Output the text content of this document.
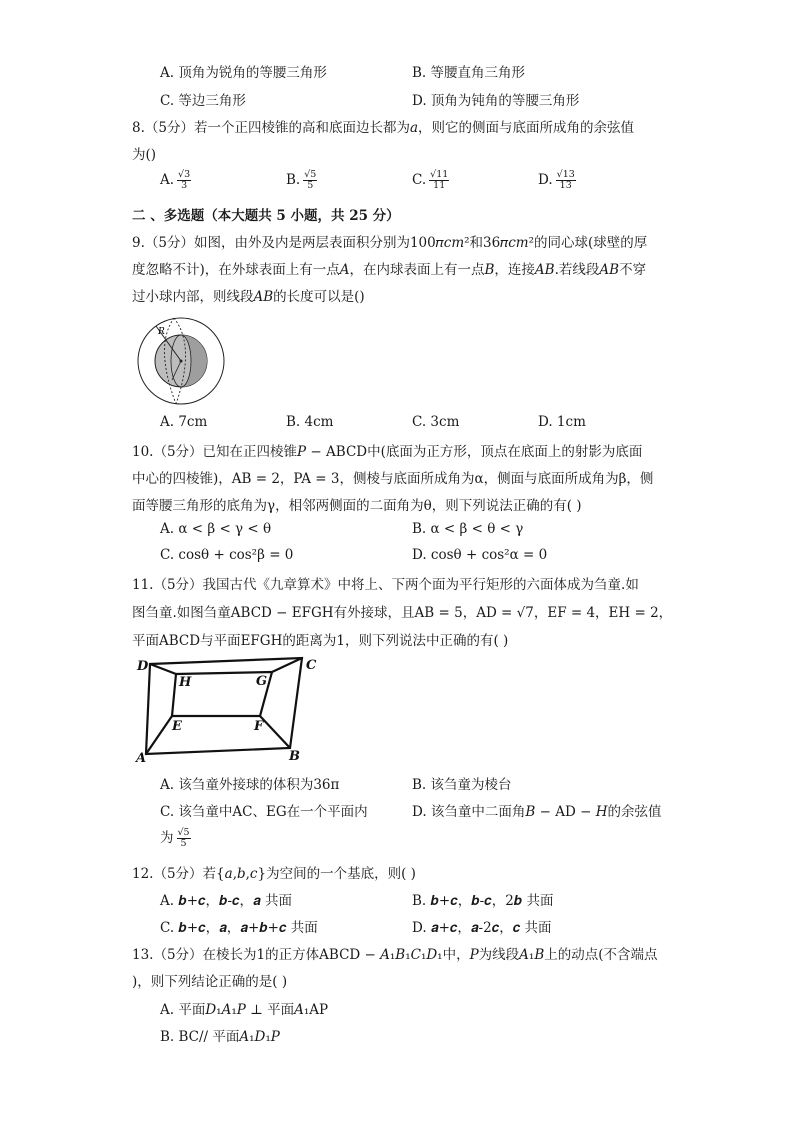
A. 顶角为锐角的等腰三角形	B. 等腰直角三角形
C. 等边三角形	D. 顶角为钝角的等腰三角形
8.（5分）若一个正四棱锥的高和底面边长都为𝑎，则它的侧面与底面所成角的余弦值
为()
A. $\frac{√3}{3}$	B. $\frac{√5}{5}$	C. $\frac{√11}{11}$	D. $\frac{√13}{13}$
二 、多选题（本大题共 5 小题，共 25 分）
9.（5分）如图，由外及内是两层表面积分别为100𝜋𝑐𝑚²和36𝜋𝑐𝑚²的同心球(球壁的厚
度忽略不计)，在外球表面上有一点𝐴，在内球表面上有一点𝐵，连接𝐴𝐵.若线段𝐴𝐵不穿
过小球内部，则线段𝐴𝐵的长度可以是()
R
A. 7cm	B. 4cm	C. 3cm	D. 1cm
10.（5分）已知在正四棱锥𝑃 − ABCD中(底面为正方形，顶点在底面上的射影为底面
中心的四棱锥)，AB = 2，PA = 3，侧棱与底面所成角为α，侧面与底面所成角为β，侧
面等腰三角形的底角为γ，相邻两侧面的二面角为θ，则下列说法正确的有( )
A. α < β < γ < θ	B. α < β < θ < γ
C. cosθ + cos²β = 0	D. cosθ + cos²α = 0
11.（5分）我国古代《九章算术》中将上、下两个面为平行矩形的六面体成为刍童.如
图刍童.如图刍童ABCD − EFGH有外接球，且AB = 5，AD = √7，EF = 4，EH = 2，
平面ABCD与平面EFGH的距离为1，则下列说法中正确的有( )
D	C
H	G
E	F
A	B
A. 该刍童外接球的体积为36π	B. 该刍童为棱台
C. 该刍童中AC、EG在一个平面内	D. 该刍童中二面角𝐵 − AD − 𝐻的余弦值
为 $\frac{√5}{5}$
12.（5分）若{𝑎,𝑏,𝑐}为空间的一个基底，则( )
A. 𝒃+𝒄，𝒃-𝒄，𝒂 共面	B. 𝒃+𝒄，𝒃-𝒄，2𝒃 共面
C. 𝒃+𝒄，𝒂，𝒂+𝒃+𝒄 共面	D. 𝒂+𝒄，𝒂-2𝒄，𝒄 共面
13.（5分）在棱长为1的正方体ABCD − 𝐴₁𝐵₁𝐶₁𝐷₁中，𝑃为线段𝐴₁𝐵上的动点(不含端点
)，则下列结论正确的是( )
A. 平面𝐷₁𝐴₁𝑃 ⊥ 平面𝐴₁AP
B. BC// 平面𝐴₁𝐷₁𝑃
